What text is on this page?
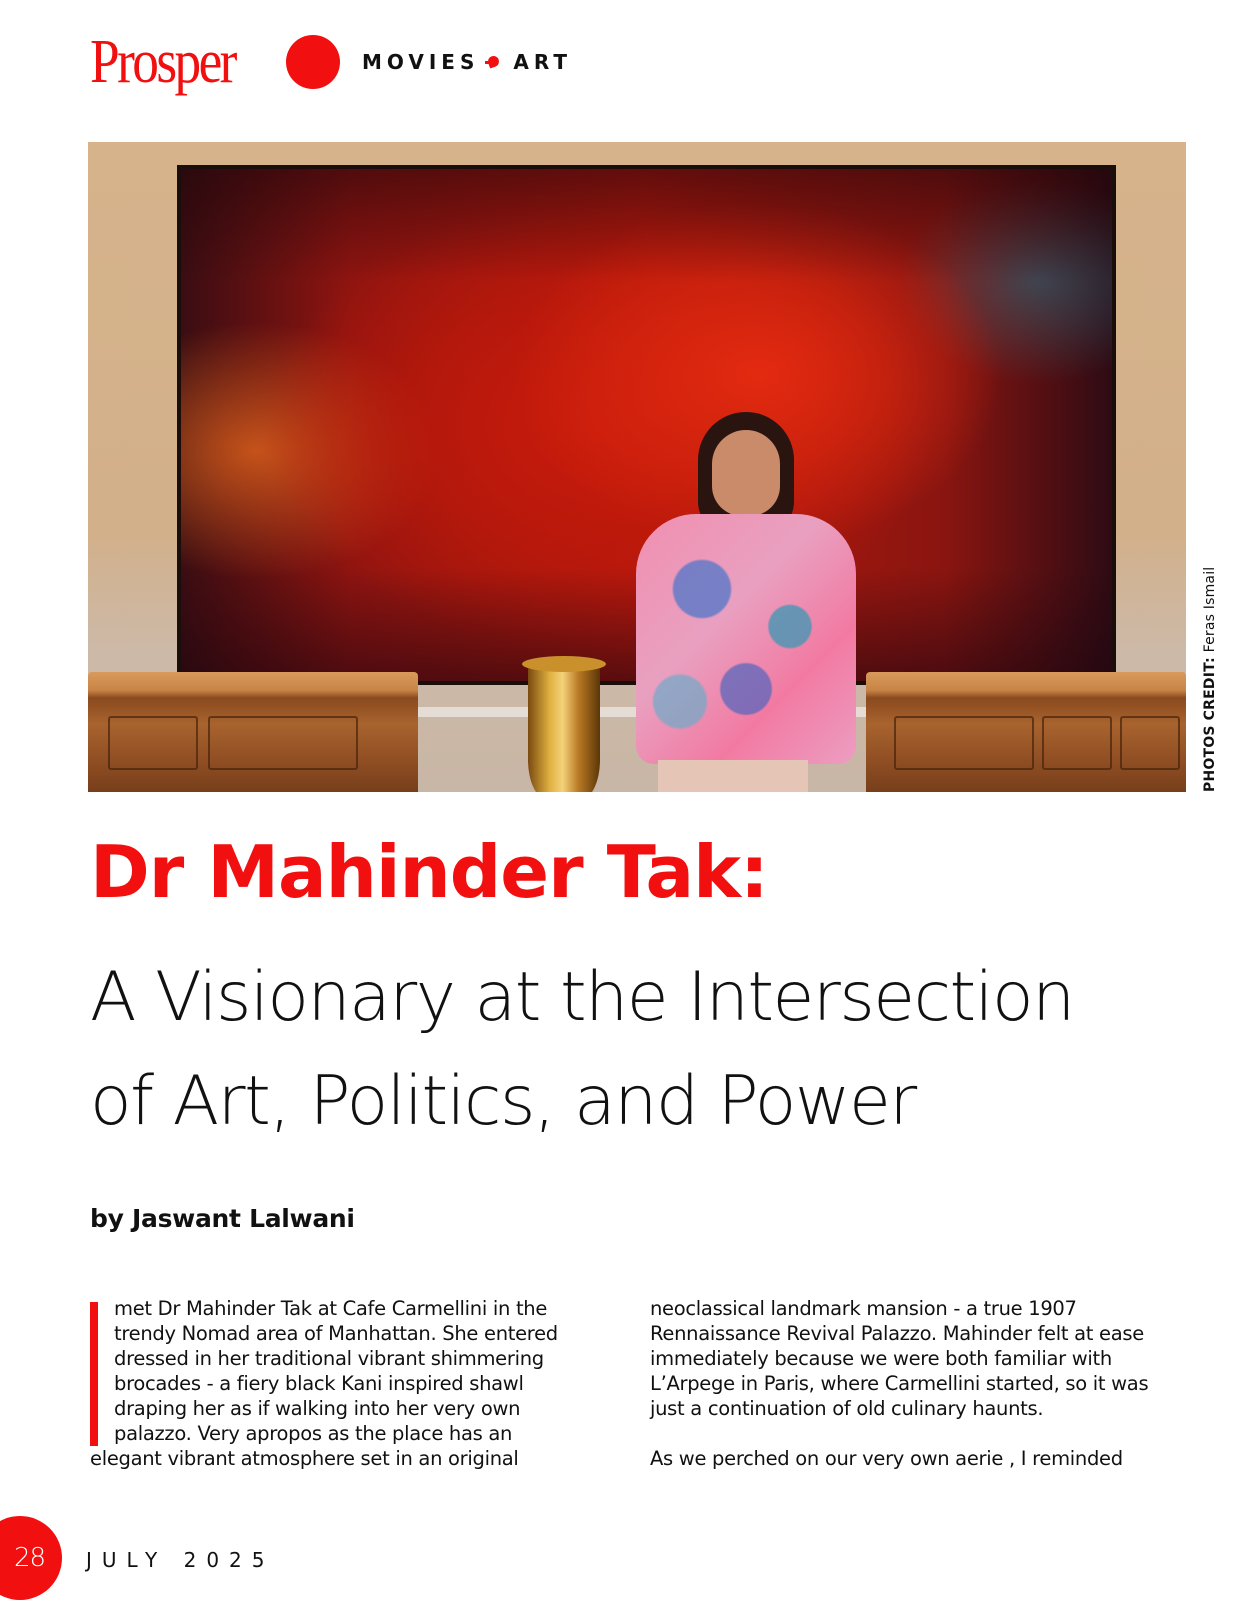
Prosper	MOVIES ART
PHOTOS CREDIT: Feras Ismail
Dr Mahinder Tak:
A Visionary at the Intersection
of Art, Politics, and Power
by Jaswant Lalwani

met Dr Mahinder Tak at Cafe Carmellini in the

trendy Nomad area of Manhattan. She entered

dressed in her traditional vibrant shimmering

brocades - a fiery black Kani inspired shawl

draping her as if walking into her very own

palazzo. Very apropos as the place has an

elegant vibrant atmosphere set in an original

neoclassical landmark mansion - a true 1907

Rennaissance Revival Palazzo. Mahinder felt at ease

immediately because we were both familiar with

L’Arpege in Paris, where Carmellini started, so it was

just a continuation of old culinary haunts.

As we perched on our very own aerie , I reminded

28 JULY 2025
